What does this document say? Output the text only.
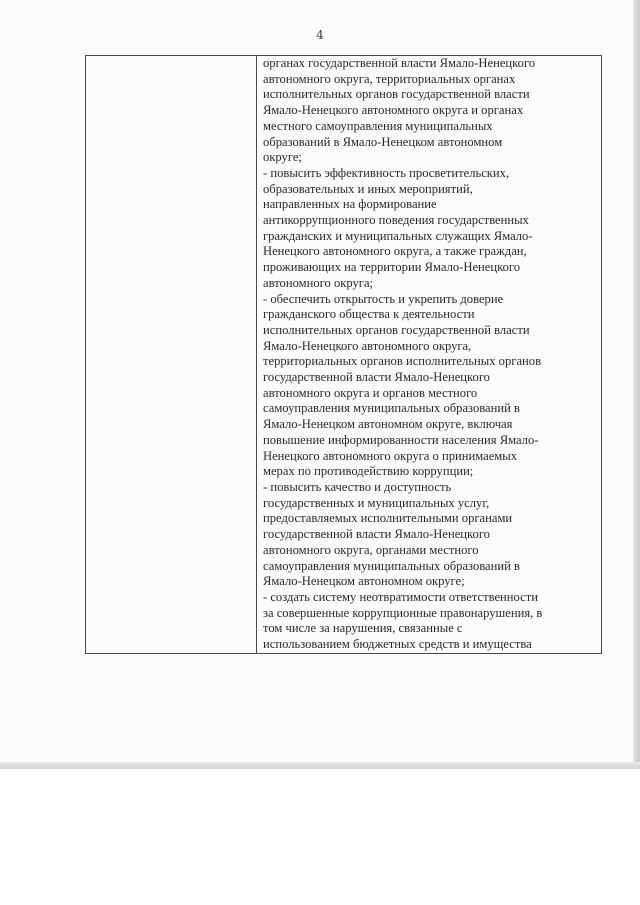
4

органах государственной власти Ямало-Ненецкого
автономного округа, территориальных органах
исполнительных органов государственной власти
Ямало-Ненецкого автономного округа и органах
местного самоуправления муниципальных
образований в Ямало-Ненецком автономном
округе;
- повысить эффективность просветительских,
образовательных и иных мероприятий,
направленных на формирование
антикоррупционного поведения государственных
гражданских и муниципальных служащих Ямало-
Ненецкого автономного округа, а также граждан,
проживающих на территории Ямало-Ненецкого
автономного округа;
- обеспечить открытость и укрепить доверие
гражданского общества к деятельности
исполнительных органов государственной власти
Ямало-Ненецкого автономного округа,
территориальных органов исполнительных органов
государственной власти Ямало-Ненецкого
автономного округа и органов местного
самоуправления муниципальных образований в
Ямало-Ненецком автономном округе, включая
повышение информированности населения Ямало-
Ненецкого автономного округа о принимаемых
мерах по противодействию коррупции;
- повысить качество и доступность
государственных и муниципальных услуг,
предоставляемых исполнительными органами
государственной власти Ямало-Ненецкого
автономного округа, органами местного
самоуправления муниципальных образований в
Ямало-Ненецком автономном округе;
- создать систему неотвратимости ответственности
за совершенные коррупционные правонарушения, в
том числе за нарушения, связанные с
использованием бюджетных средств и имущества
